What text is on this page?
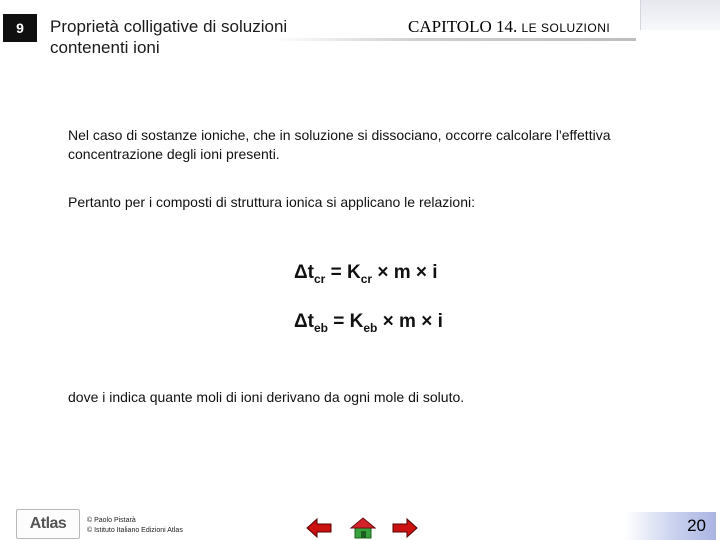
9	Proprietà colligative di soluzioni contenenti ioni
CAPITOLO 14. LE SOLUZIONI
Nel caso di sostanze ioniche, che in soluzione si dissociano, occorre calcolare l'effettiva concentrazione degli ioni presenti.
Pertanto per i composti di struttura ionica si applicano le relazioni:
$\Delta t_{cr} = K_{cr} \times m \times i$
$\Delta t_{eb} = K_{eb} \times m \times i$
dove i indica quante moli di ioni derivano da ogni mole di soluto.
Atlas	© Paolo Pistarà
© Istituto Italiano Edizioni Atlas	20
